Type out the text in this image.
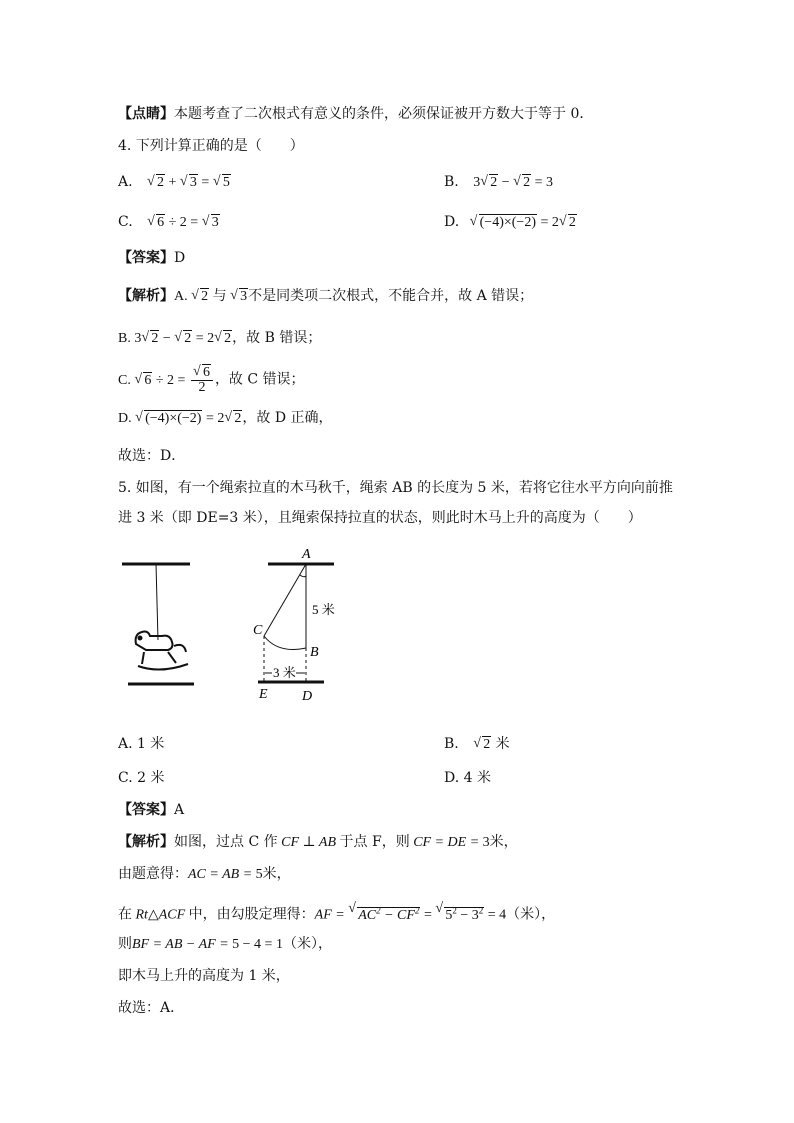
【点睛】本题考查了二次根式有意义的条件，必须保证被开方数大于等于 0．
4. 下列计算正确的是（　　）
A. √ 2 + √ 3 = √ 5	B. 3 √ 2 − √ 2 = 3
C. √ 6 ÷ 2 = √ 3	D. √ (−4)×(−2) = 2 √ 2
【答案】D
【解析】A. √ 2 与 √ 3不是同类项二次根式，不能合并，故 A 错误；
B. 3 √ 2 − √ 2 = 2 √ 2，故 B 错误；
C. √ 6 ÷ 2 = √ $\frac{6}{2}$ ，故 C 错误；
D. √ (−4)×(−2) = 2 √ 2，故 D 正确，
故选：D．
5. 如图，有一个绳索拉直的木马秋千，绳索 AB 的长度为 5 米，若将它往水平方向向前推
进 3 米（即 DE=3 米），且绳索保持拉直的状态，则此时木马上升的高度为（　　）
A
C
B
E D
5 米
3 米
A. 1 米	B. √ 2 米
C. 2 米	D. 4 米
【答案】A
【解析】如图，过点 C 作 CF ⊥ AB 于点 F，则 CF = DE = 3米，
由题意得：AC = AB = 5米，
在 Rt△ACF 中，由勾股定理得：AF = √ $AC^2 - CF^2$ = √ $5^2 - 3^2 = 4$（米），
则BF = AB − AF = 5 − 4 = 1（米），
即木马上升的高度为 1 米，
故选：A．
